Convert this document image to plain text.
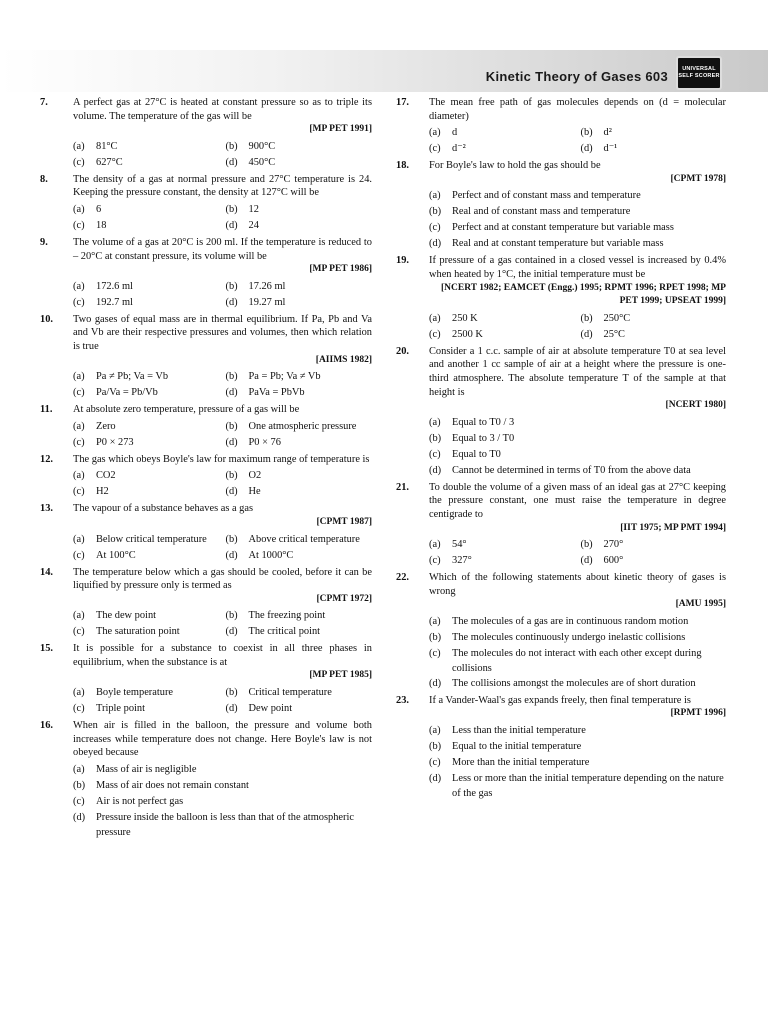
Kinetic Theory of Gases 603	UNIVERSAL
SELF SCORER
7. A perfect gas at 27°C is heated at constant pressure so as to triple its volume. The temperature of the gas will be
[MP PET 1991]
(a) 81°C	(b) 900°C
(c) 627°C	(d) 450°C
8. The density of a gas at normal pressure and 27°C temperature is 24. Keeping the pressure constant, the density at 127°C will be
(a) 6	(b) 12
(c) 18	(d) 24
9. The volume of a gas at 20°C is 200 ml. If the temperature is reduced to – 20°C at constant pressure, its volume will be
[MP PET 1986]
(a) 172.6 ml	(b) 17.26 ml
(c) 192.7 ml	(d) 19.27 ml
10. Two gases of equal mass are in thermal equilibrium. If Pa, Pb and Va and Vb are their respective pressures and volumes, then which relation is true
[AIIMS 1982]
(a) Pa ≠ Pb; Va = Vb	(b) Pa = Pb; Va ≠ Vb
(c) Pa/Va = Pb/Vb	(d) PaVa = PbVb
11. At absolute zero temperature, pressure of a gas will be
(a) Zero	(b) One atmospheric pressure
(c) P0 × 273	(d) P0 × 76
12. The gas which obeys Boyle's law for maximum range of temperature is
(a) CO2	(b) O2
(c) H2	(d) He
13. The vapour of a substance behaves as a gas
[CPMT 1987]
(a) Below critical temperature	(b) Above critical temperature
(c) At 100°C	(d) At 1000°C
14. The temperature below which a gas should be cooled, before it can be liquified by pressure only is termed as
[CPMT 1972]
(a) The dew point	(b) The freezing point
(c) The saturation point	(d) The critical point
15. It is possible for a substance to coexist in all three phases in equilibrium, when the substance is at
[MP PET 1985]
(a) Boyle temperature	(b) Critical temperature
(c) Triple point	(d) Dew point
16. When air is filled in the balloon, the pressure and volume both increases while temperature does not change. Here Boyle's law is not obeyed because
(a) Mass of air is negligible
(b) Mass of air does not remain constant
(c) Air is not perfect gas
(d) Pressure inside the balloon is less than that of the atmospheric pressure
17. The mean free path of gas molecules depends on (d = molecular diameter)
(a) d	(b) d²
(c) d⁻²	(d) d⁻¹
18. For Boyle's law to hold the gas should be
[CPMT 1978]
(a) Perfect and of constant mass and temperature
(b) Real and of constant mass and temperature
(c) Perfect and at constant temperature but variable mass
(d) Real and at constant temperature but variable mass
19. If pressure of a gas contained in a closed vessel is increased by 0.4% when heated by 1°C, the initial temperature must be
[NCERT 1982; EAMCET (Engg.) 1995; RPMT 1996; RPET 1998; MP PET 1999; UPSEAT 1999]
(a) 250 K	(b) 250°C
(c) 2500 K	(d) 25°C
20. Consider a 1 c.c. sample of air at absolute temperature T0 at sea level and another 1 cc sample of air at a height where the pressure is one-third atmosphere. The absolute temperature T of the sample at that height is
[NCERT 1980]
(a) Equal to T0 / 3
(b) Equal to 3 / T0
(c) Equal to T0
(d) Cannot be determined in terms of T0 from the above data
21. To double the volume of a given mass of an ideal gas at 27°C keeping the pressure constant, one must raise the temperature in degree centigrade to
[IIT 1975; MP PMT 1994]
(a) 54°	(b) 270°
(c) 327°	(d) 600°
22. Which of the following statements about kinetic theory of gases is wrong
[AMU 1995]
(a) The molecules of a gas are in continuous random motion
(b) The molecules continuously undergo inelastic collisions
(c) The molecules do not interact with each other except during collisions
(d) The collisions amongst the molecules are of short duration
23. If a Vander-Waal's gas expands freely, then final temperature is
[RPMT 1996]
(a) Less than the initial temperature
(b) Equal to the initial temperature
(c) More than the initial temperature
(d) Less or more than the initial temperature depending on the nature of the gas
